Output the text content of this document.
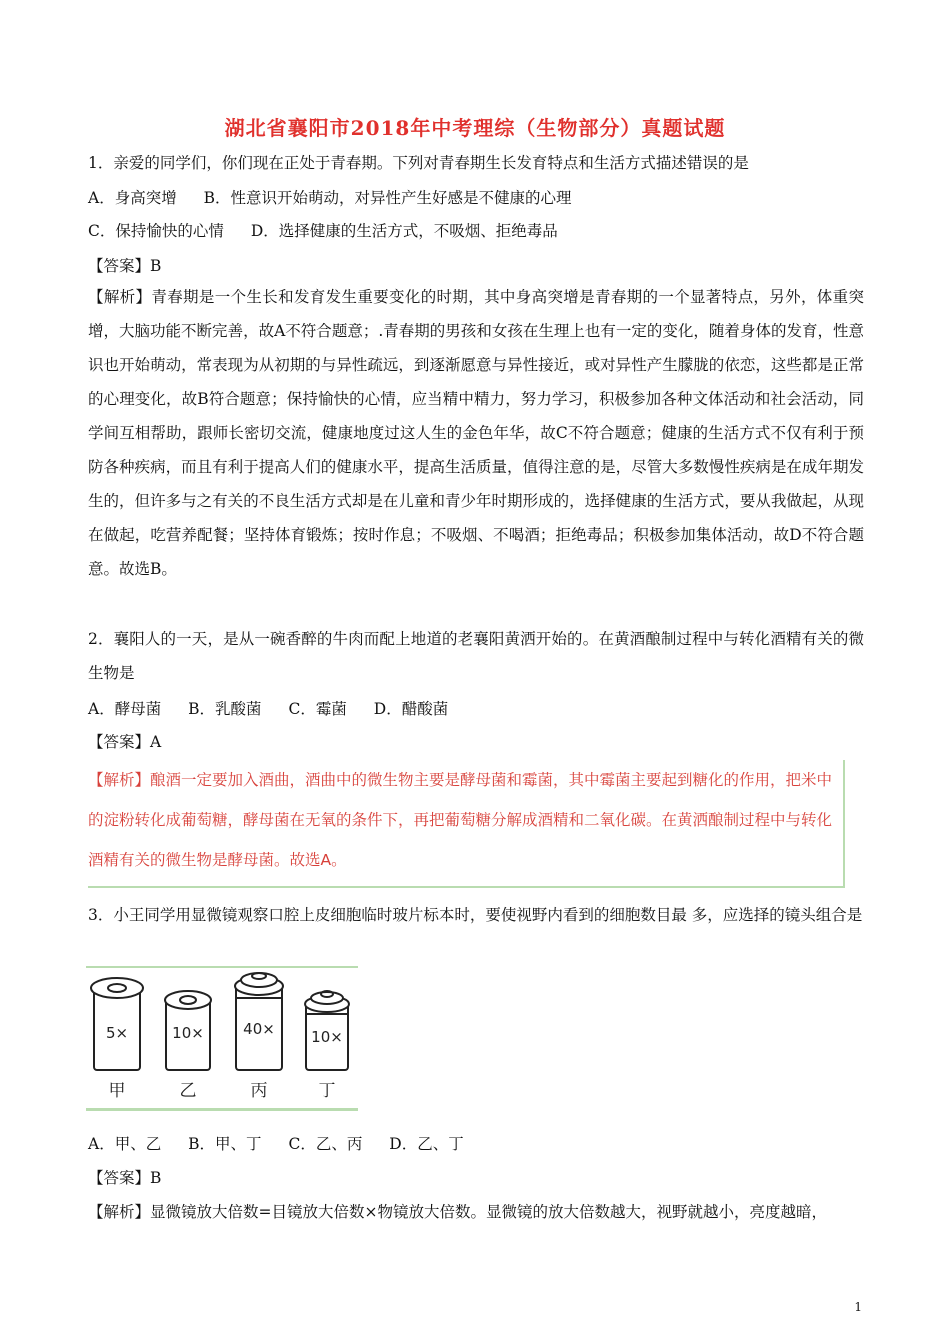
湖北省襄阳市2018年中考理综（生物部分）真题试题
1．亲爱的同学们，你们现在正处于青春期。下列对青春期生长发育特点和生活方式描述错误的是
A．身高突增 B．性意识开始萌动，对异性产生好感是不健康的心理
C．保持愉快的心情 D．选择健康的生活方式，不吸烟、拒绝毒品
【答案】B
【解析】青春期是一个生长和发育发生重要变化的时期，其中身高突增是青春期的一个显著特点，另外，体重突增，大脑功能不断完善，故A不符合题意；.青春期的男孩和女孩在生理上也有一定的变化，随着身体的发育，性意识也开始萌动，常表现为从初期的与异性疏远，到逐渐愿意与异性接近，或对异性产生朦胧的依恋，这些都是正常的心理变化，故B符合题意；保持愉快的心情，应当精中精力，努力学习，积极参加各种文体活动和社会活动，同学间互相帮助，跟师长密切交流，健康地度过这人生的金色年华，故C不符合题意；健康的生活方式不仅有利于预防各种疾病，而且有利于提高人们的健康水平，提高生活质量，值得注意的是，尽管大多数慢性疾病是在成年期发生的，但许多与之有关的不良生活方式却是在儿童和青少年时期形成的，选择健康的生活方式，要从我做起，从现在做起，吃营养配餐；坚持体育锻炼；按时作息；不吸烟、不喝酒；拒绝毒品；积极参加集体活动，故D不符合题意。故选B。
2．襄阳人的一天，是从一碗香醉的牛肉而配上地道的老襄阳黄洒开始的。在黄酒酿制过程中与转化酒精有关的微生物是
A．酵母菌 B．乳酸菌 C．霉菌 D．醋酸菌
【答案】A
【解析】酿酒一定要加入酒曲，酒曲中的微生物主要是酵母菌和霉菌，其中霉菌主要起到糖化的作用，把米中的淀粉转化成葡萄糖，酵母菌在无氧的条件下，再把葡萄糖分解成酒精和二氧化碳。在黄洒酿制过程中与转化酒精有关的微生物是酵母菌。故选A。
3．小王同学用显微镜观察口腔上皮细胞临时玻片标本时，要使视野内看到的细胞数目最 多，应选择的镜头组合是
5×	10×	40× 10×
甲	乙	丙	丁
A．甲、乙 B．甲、丁 C．乙、丙 D．乙、丁
【答案】B
【解析】显微镜放大倍数=目镜放大倍数×物镜放大倍数。显微镜的放大倍数越大，视野就越小，亮度越暗，
1
